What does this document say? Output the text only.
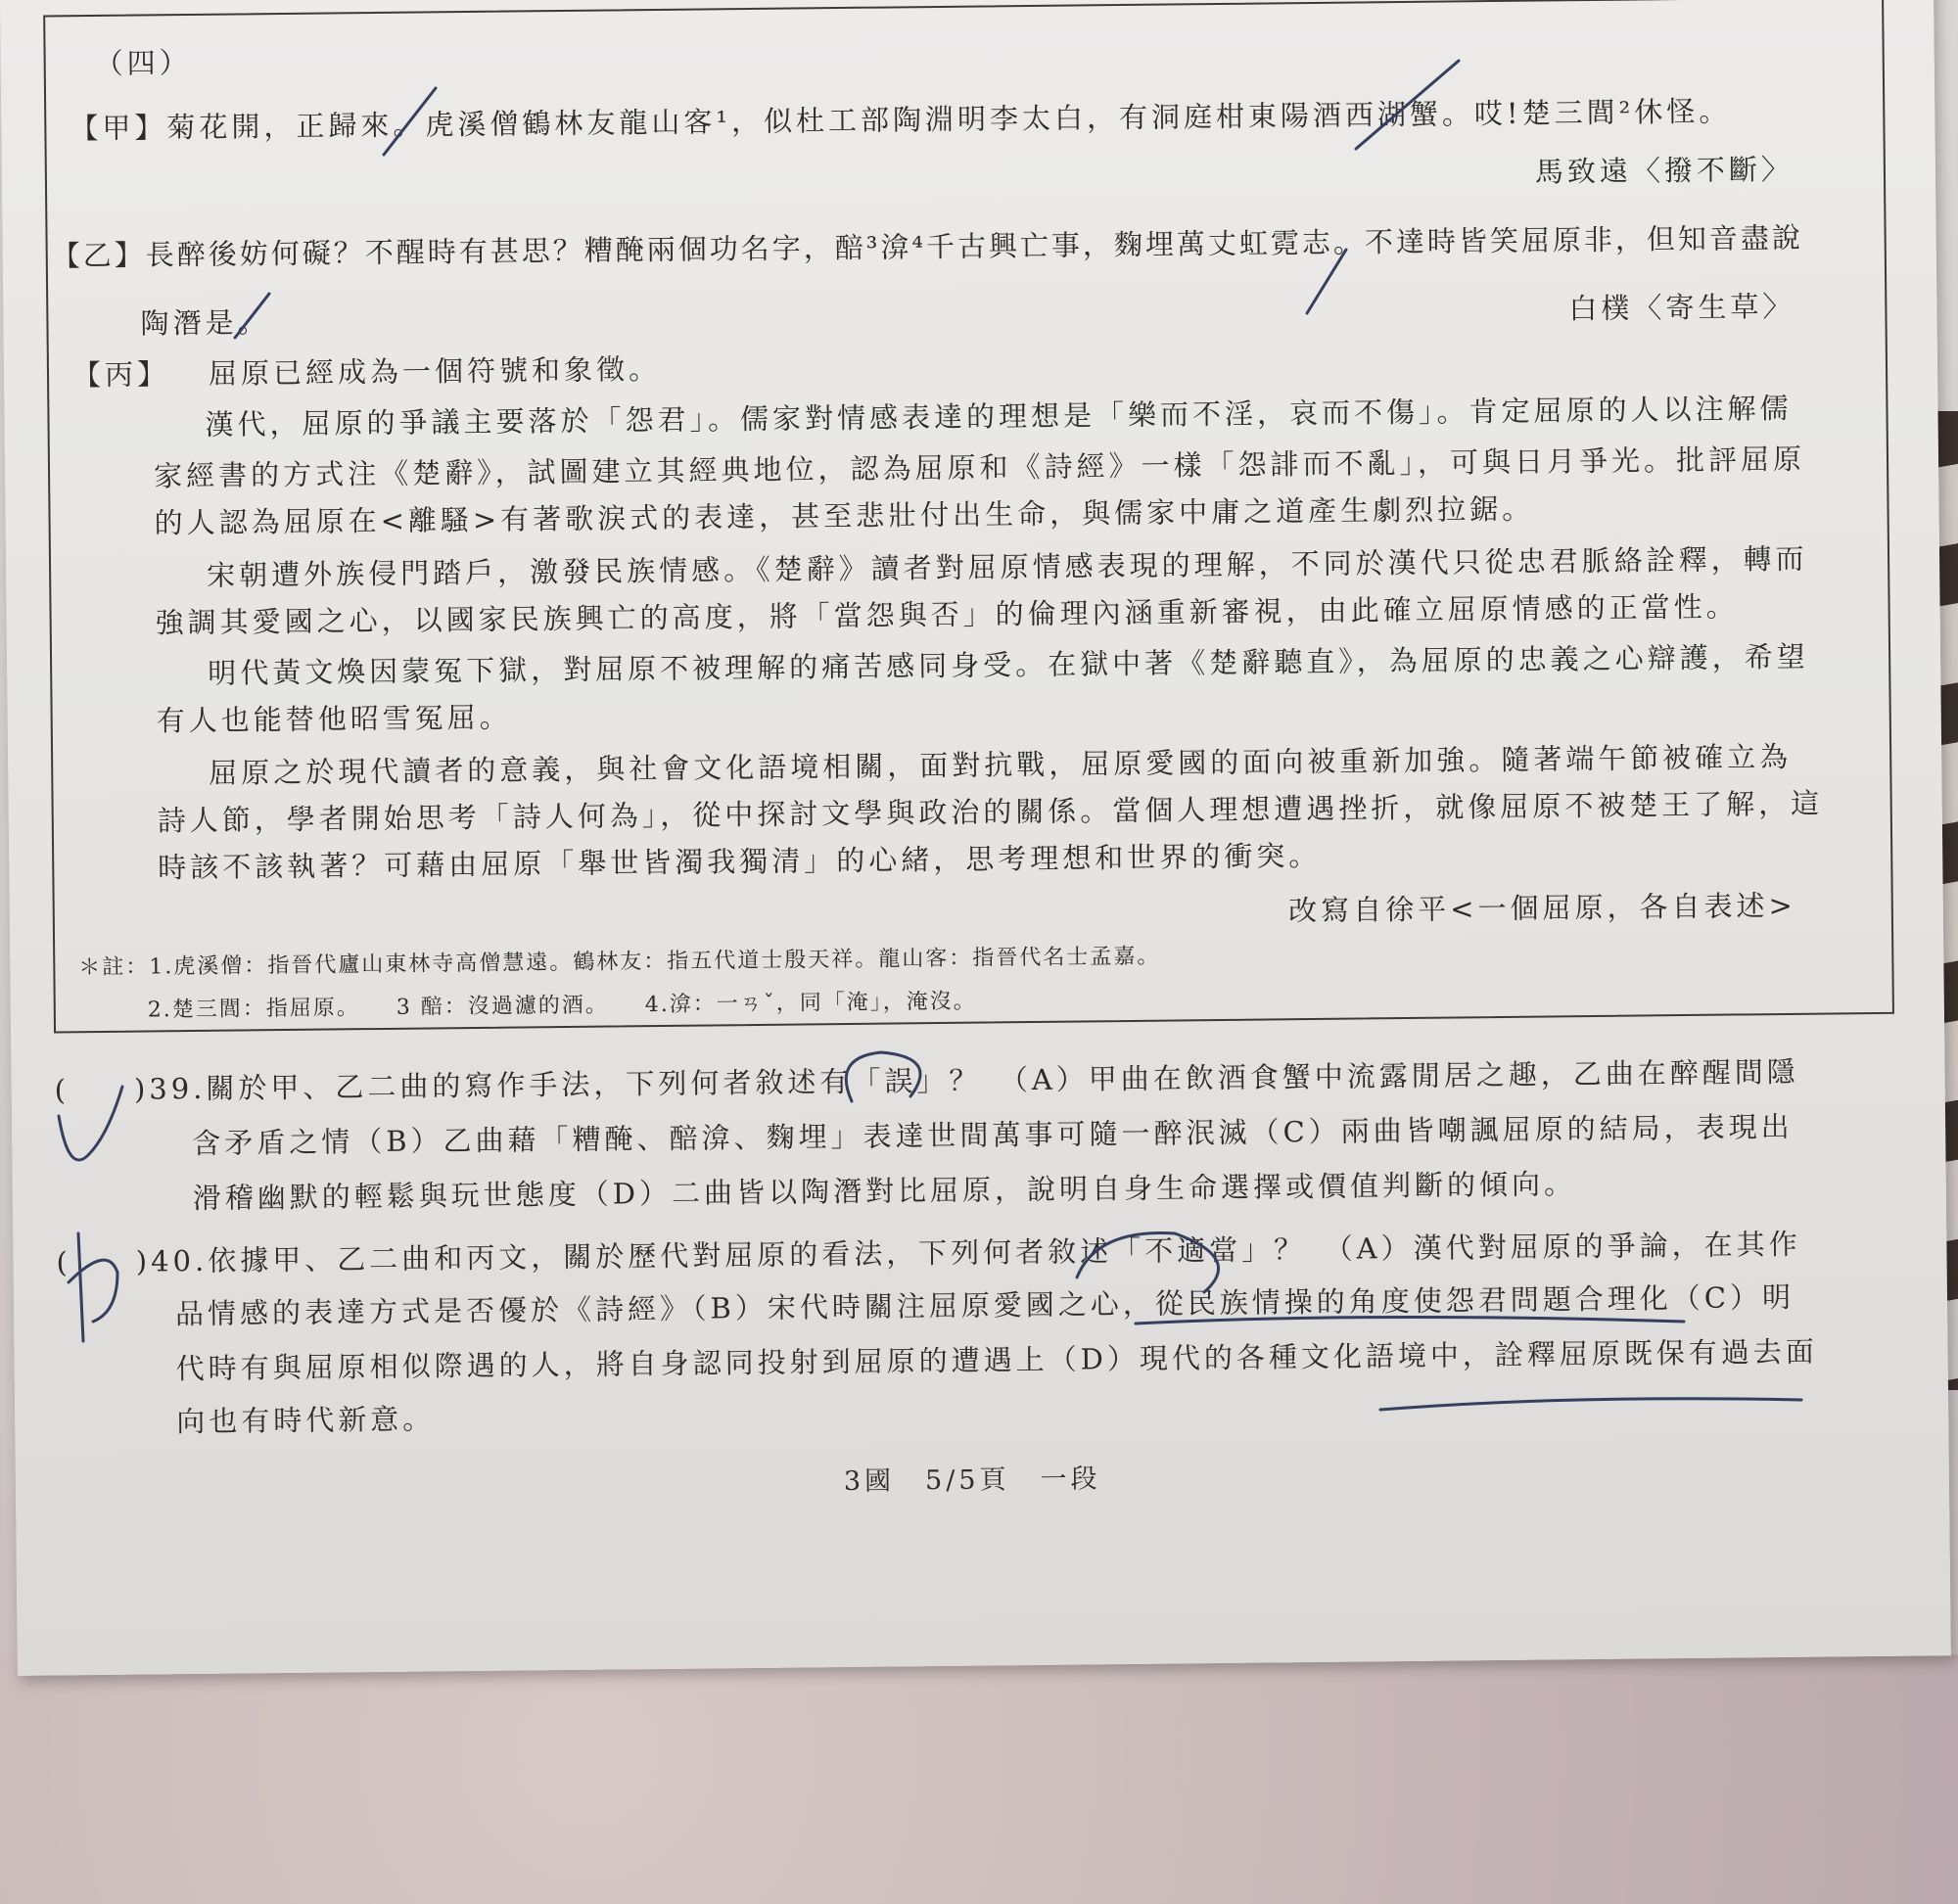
（四）
【甲】菊花開，正歸來。虎溪僧鶴林友龍山客¹，似杜工部陶淵明李太白，有洞庭柑東陽酒西湖蟹。哎!楚三閭²休怪。
馬致遠〈撥不斷〉
【乙】長醉後妨何礙？不醒時有甚思？糟醃兩個功名字，醅³渰⁴千古興亡事，麴埋萬丈虹霓志。不達時皆笑屈原非，但知音盡說
陶潛是。	白樸〈寄生草〉
【丙】 屈原已經成為一個符號和象徵。
漢代，屈原的爭議主要落於「怨君」。儒家對情感表達的理想是「樂而不淫，哀而不傷」。肯定屈原的人以注解儒
家經書的方式注《楚辭》，試圖建立其經典地位，認為屈原和《詩經》一樣「怨誹而不亂」，可與日月爭光。批評屈原
的人認為屈原在<離騷>有著歌涙式的表達，甚至悲壯付出生命，與儒家中庸之道產生劇烈拉鋸。
宋朝遭外族侵門踏戶，激發民族情感。《楚辭》讀者對屈原情感表現的理解，不同於漢代只從忠君脈絡詮釋，轉而
強調其愛國之心，以國家民族興亡的高度，將「當怨與否」的倫理內涵重新審視，由此確立屈原情感的正當性。
明代黃文煥因蒙冤下獄，對屈原不被理解的痛苦感同身受。在獄中著《楚辭聽直》，為屈原的忠義之心辯護，希望
有人也能替他昭雪冤屈。
屈原之於現代讀者的意義，與社會文化語境相關，面對抗戰，屈原愛國的面向被重新加強。隨著端午節被確立為
詩人節，學者開始思考「詩人何為」，從中探討文學與政治的關係。當個人理想遭遇挫折，就像屈原不被楚王了解，這
時該不該執著？可藉由屈原「舉世皆濁我獨清」的心緒，思考理想和世界的衝突。
改寫自徐平<一個屈原，各自表述>
＊註：1.虎溪僧：指晉代廬山東林寺高僧慧遠。鶴林友：指五代道士殷天祥。龍山客：指晉代名士孟嘉。
2.楚三閭：指屈原。　　3 醅：沒過濾的酒。　　4.渰：一ㄢˇ，同「淹」，淹沒。
(　　)39.關於甲、乙二曲的寫作手法，下列何者敘述有「誤」？　（A）甲曲在飲酒食蟹中流露閒居之趣，乙曲在醉醒間隱
含矛盾之情（B）乙曲藉「糟醃、醅渰、麴埋」表達世間萬事可隨一醉泯滅（C）兩曲皆嘲諷屈原的結局，表現出
滑稽幽默的輕鬆與玩世態度（D）二曲皆以陶潛對比屈原，說明自身生命選擇或價值判斷的傾向。
(　　)40.依據甲、乙二曲和丙文，關於歷代對屈原的看法，下列何者敘述「不適當」？　（A）漢代對屈原的爭論，在其作
品情感的表達方式是否優於《詩經》（B）宋代時關注屈原愛國之心，從民族情操的角度使怨君問題合理化（C）明
代時有與屈原相似際遇的人，將自身認同投射到屈原的遭遇上（D）現代的各種文化語境中，詮釋屈原既保有過去面
向也有時代新意。
3國　5/5頁　一段
